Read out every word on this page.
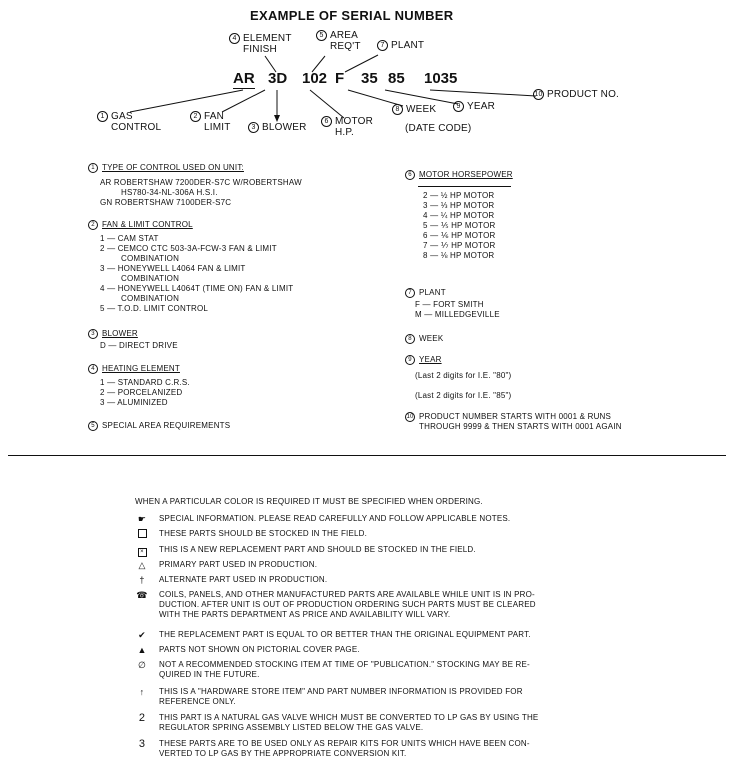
EXAMPLE OF SERIAL NUMBER
4 ELEMENT
FINISH
5 AREA
REQ'T	7 PLANT
AR 3D 102 F 35 85 1035
1 GAS
CONTROL
2 FAN
LIMIT	3 BLOWER
6 MOTOR
H.P.
8 WEEK
(DATE CODE)
9 YEAR
10 PRODUCT NO.
1 TYPE OF CONTROL USED ON UNIT:
AR ROBERTSHAW 7200DER-S7C W/ROBERTSHAW
HS780-34-NL-306A H.S.I.
GN ROBERTSHAW 7100DER-S7C
2 FAN & LIMIT CONTROL
1 — CAM STAT
2 — CEMCO CTC 503-3A-FCW-3 FAN & LIMIT
COMBINATION
3 — HONEYWELL L4064 FAN & LIMIT
COMBINATION
4 — HONEYWELL L4064T (TIME ON) FAN & LIMIT
COMBINATION
5 — T.O.D. LIMIT CONTROL
3 BLOWER
D — DIRECT DRIVE
4 HEATING ELEMENT
1 — STANDARD C.R.S.
2 — PORCELANIZED
3 — ALUMINIZED
5 SPECIAL AREA REQUIREMENTS
6 MOTOR HORSEPOWER
2 — ½ HP MOTOR
3 — ⅓ HP MOTOR
4 — ¼ HP MOTOR
5 — ⅕ HP MOTOR
6 — ⅙ HP MOTOR
7 — ⅐ HP MOTOR
8 — ⅛ HP MOTOR
7 PLANT
F — FORT SMITH
M — MILLEDGEVILLE
8 WEEK
9 YEAR
(Last 2 digits for I.E. "80")
(Last 2 digits for I.E. "85")
10 PRODUCT NUMBER STARTS WITH 0001 & RUNS
THROUGH 9999 & THEN STARTS WITH 0001 AGAIN
WHEN A PARTICULAR COLOR IS REQUIRED IT MUST BE SPECIFIED WHEN ORDERING.
☛	SPECIAL INFORMATION. PLEASE READ CAREFULLY AND FOLLOW APPLICABLE NOTES.
THESE PARTS SHOULD BE STOCKED IN THE FIELD.
×	THIS IS A NEW REPLACEMENT PART AND SHOULD BE STOCKED IN THE FIELD.
△	PRIMARY PART USED IN PRODUCTION.
†	ALTERNATE PART USED IN PRODUCTION.
☎	COILS, PANELS, AND OTHER MANUFACTURED PARTS ARE AVAILABLE WHILE UNIT IS IN PRO-
DUCTION. AFTER UNIT IS OUT OF PRODUCTION ORDERING SUCH PARTS MUST BE CLEARED
WITH THE PARTS DEPARTMENT AS PRICE AND AVAILABILITY WILL VARY.
✔	THE REPLACEMENT PART IS EQUAL TO OR BETTER THAN THE ORIGINAL EQUIPMENT PART.
▲	PARTS NOT SHOWN ON PICTORIAL COVER PAGE.
∅	NOT A RECOMMENDED STOCKING ITEM AT TIME OF "PUBLICATION." STOCKING MAY BE RE-
QUIRED IN THE FUTURE.
↑	THIS IS A "HARDWARE STORE ITEM" AND PART NUMBER INFORMATION IS PROVIDED FOR
REFERENCE ONLY.
2	THIS PART IS A NATURAL GAS VALVE WHICH MUST BE CONVERTED TO LP GAS BY USING THE
REGULATOR SPRING ASSEMBLY LISTED BELOW THE GAS VALVE.
3	THESE PARTS ARE TO BE USED ONLY AS REPAIR KITS FOR UNITS WHICH HAVE BEEN CON-
VERTED TO LP GAS BY THE APPROPRIATE CONVERSION KIT.
